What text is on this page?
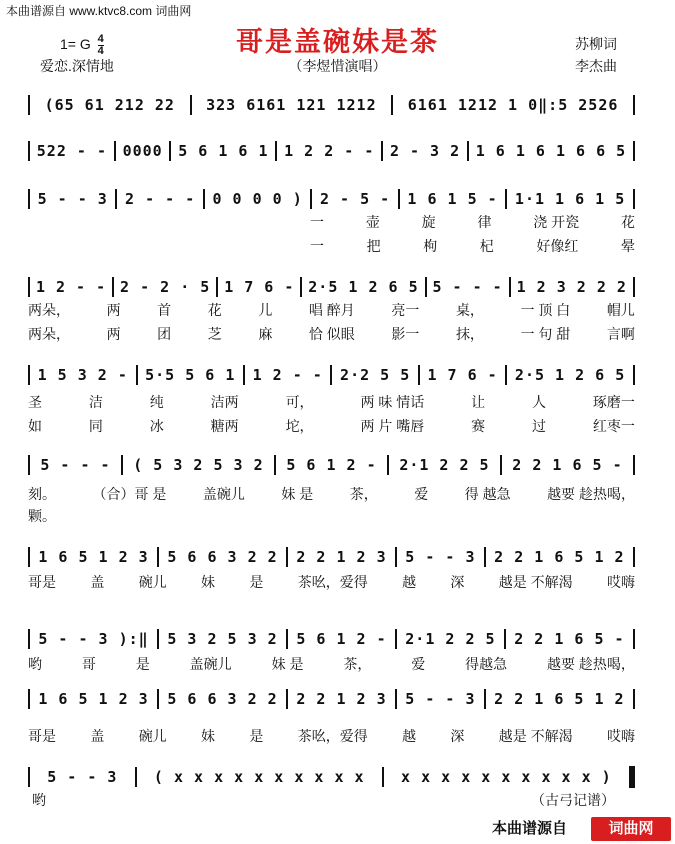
本曲谱源自 www.ktvc8.com 词曲网
哥是盖碗妹是茶
1= G $\frac{4}{4}$
爱恋.深情地	（李煜惜演唱）
苏柳词
李杰曲
(65 61 212 22 323 6161 121 1212 6161 1212 1 0‖:5 2526
522 - - 0000 5 6 1 6 1 1 2 2 - - 2 - 3 2 1 6 1 6 1 6 6 5
5 - - 3 2 - - - 0 0 0 0 ) 2 - 5 - 1 6 1 5 - 1·1 1 6 1 5
1 2 - - 2 - 2 · 5 1 7 6 - 2·5 1 2 6 5 5 - - - 1 2 3 2 2 2
1 5 3 2 - 5·5 5 6 1 1 2 - - 2·2 5 5 1 7 6 - 2·5 1 2 6 5
5 - - - ( 5 3 2 5 3 2 5 6 1 2 - 2·1 2 2 5 2 2 1 6 5 -
1 6 5 1 2 3 5 6 6 3 2 2 2 2 1 2 3 5 - - 3 2 2 1 6 5 1 2
5 - - 3 ):‖ 5 3 2 5 3 2 5 6 1 2 - 2·1 2 2 5 2 2 1 6 5 -
1 6 5 1 2 3 5 6 6 3 2 2 2 2 1 2 3 5 - - 3 2 2 1 6 5 1 2
5 - - 3 ( x x x x x x x x x x x x x x x x x x x x )
一	壶	旋	律	浇 开瓷	花
一	把	枸	杞	好像红	晕
两朵，	两	首	花	儿	唱 醉月	亮一	桌，	一 顶 白	帽儿
两朵，	两	团	芝	麻	恰 似眼	影一	抹，	一 句 甜	言啊
圣	洁	纯	洁两	可，	两 味 情话	让	人	琢磨一
如	同	冰	糖两	坨，	两 片 嘴唇	赛	过	红枣一
刻。	（合）哥 是	盖碗儿	妹 是	茶，	爱	得 越急	越要 趁热喝，
颗。
哥是 盖 碗儿 妹 是 茶吆，爱得 越 深 越是 不解渴 哎嗨
哟	哥	是	盖碗儿	妹 是	茶，	爱	得越急	越要 趁热喝，
哥是 盖 碗儿 妹 是 茶吆，爱得 越 深 越是 不解渴 哎嗨
哟	（古弓记谱）
本曲谱源自	词曲网
